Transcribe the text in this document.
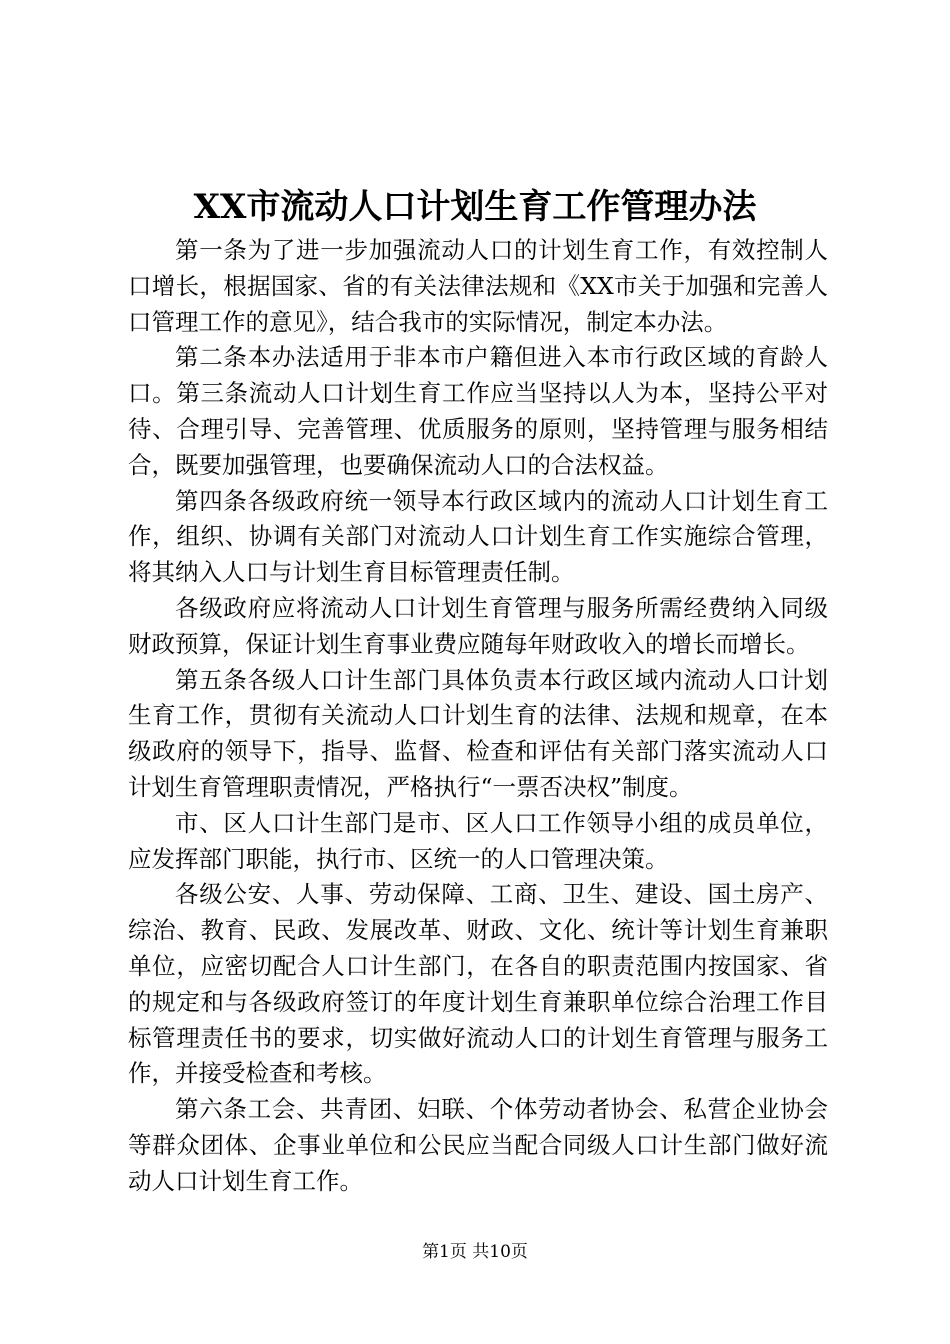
XX市流动人口计划生育工作管理办法

第一条为了进一步加强流动人口的计划生育工作，有效控制人口增长，根据国家、省的有关法律法规和《XX市关于加强和完善人口管理工作的意见》，结合我市的实际情况，制定本办法。

第二条本办法适用于非本市户籍但进入本市行政区域的育龄人口。第三条流动人口计划生育工作应当坚持以人为本，坚持公平对待、合理引导、完善管理、优质服务的原则，坚持管理与服务相结合，既要加强管理，也要确保流动人口的合法权益。

第四条各级政府统一领导本行政区域内的流动人口计划生育工作，组织、协调有关部门对流动人口计划生育工作实施综合管理，将其纳入人口与计划生育目标管理责任制。

各级政府应将流动人口计划生育管理与服务所需经费纳入同级财政预算，保证计划生育事业费应随每年财政收入的增长而增长。

第五条各级人口计生部门具体负责本行政区域内流动人口计划生育工作，贯彻有关流动人口计划生育的法律、法规和规章，在本级政府的领导下，指导、监督、检查和评估有关部门落实流动人口计划生育管理职责情况，严格执行“一票否决权”制度。

市、区人口计生部门是市、区人口工作领导小组的成员单位，应发挥部门职能，执行市、区统一的人口管理决策。

各级公安、人事、劳动保障、工商、卫生、建设、国土房产、综治、教育、民政、发展改革、财政、文化、统计等计划生育兼职单位，应密切配合人口计生部门，在各自的职责范围内按国家、省的规定和与各级政府签订的年度计划生育兼职单位综合治理工作目标管理责任书的要求，切实做好流动人口的计划生育管理与服务工作，并接受检查和考核。

第六条工会、共青团、妇联、个体劳动者协会、私营企业协会等群众团体、企事业单位和公民应当配合同级人口计生部门做好流动人口计划生育工作。

第1页 共10页
